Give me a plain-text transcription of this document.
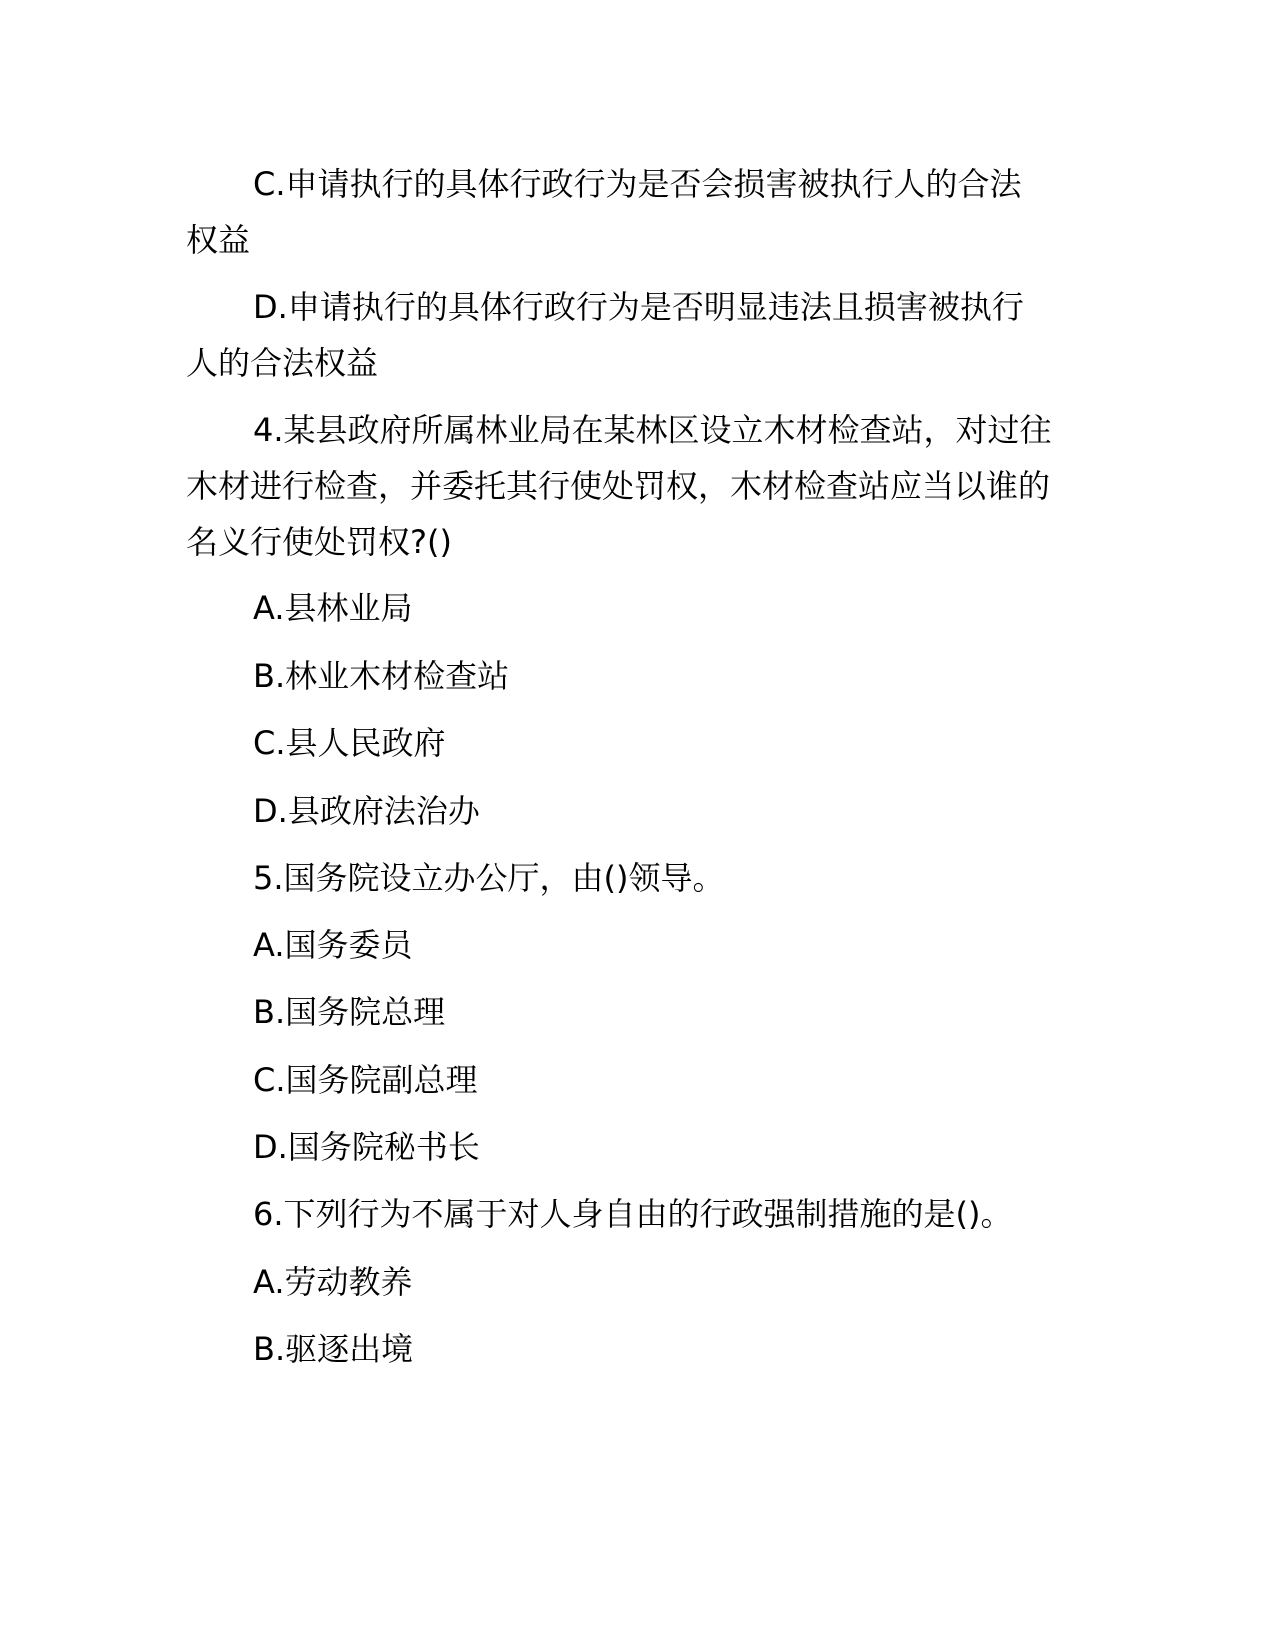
C.申请执行的具体行政行为是否会损害被执行人的合法

权益

D.申请执行的具体行政行为是否明显违法且损害被执行

人的合法权益

4.某县政府所属林业局在某林区设立木材检查站，对过往

木材进行检查，并委托其行使处罚权，木材检查站应当以谁的

名义行使处罚权?()

A.县林业局

B.林业木材检查站

C.县人民政府

D.县政府法治办

5.国务院设立办公厅，由()领导。

A.国务委员

B.国务院总理

C.国务院副总理

D.国务院秘书长

6.下列行为不属于对人身自由的行政强制措施的是()。

A.劳动教养

B.驱逐出境
